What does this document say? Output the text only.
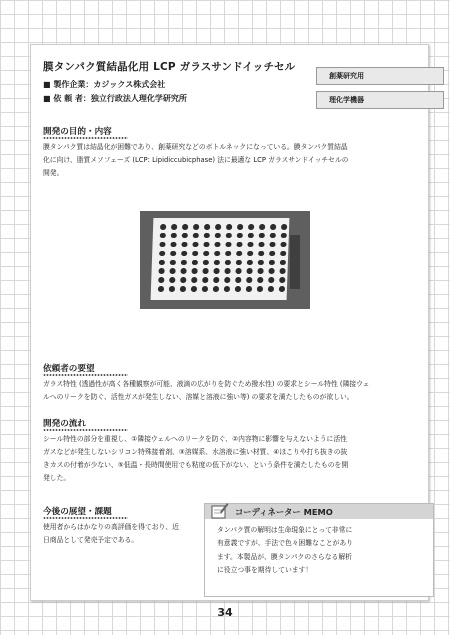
膜タンパク質結晶化用 LCP ガラスサンドイッチセル
■ 製作企業：カジックス株式会社
■ 依 頼 者：独立行政法人理化学研究所
創薬研究用
理化学機器
開発の目的・内容
膜タンパク質は結晶化が困難であり、創薬研究などのボトルネックになっている。膜タンパク質結晶
化に向け、脂質メソフェーズ (LCP: Lipidiccubicphase) 法に最適な LCP ガラスサンドイッチセルの
開発。
依頼者の要望
ガラス特性 (透過性が高く各種観察が可能、液滴の広がりを防ぐため撥水性) の要求とシール特性 (隣接ウェ
ルへのリークを防ぐ、活性ガスが発生しない、溶媒と溶液に強い等) の要求を満たしたものが欲しい。
開発の流れ
シール特性の部分を重視し、①隣接ウェルへのリークを防ぐ、②内容物に影響を与えないように活性
ガスなどが発生しないシリコン特殊接着剤、③溶媒系、水溶液に強い材質、④ほこりや打ち抜きの抜
きカスの付着が少ない、⑤低温・長時間使用でも粘度の低下がない、という条件を満たしたものを開
発した。
今後の展望・課題
使用者からはかなりの高評価を得ており、近
日商品として発売予定である。
コーディネーター MEMO
タンパク質の解明は生命現象にとって非常に
有意義ですが、手法で色々困難なことがあり
ます。本製品が、膜タンパクのさらなる解析
に役立つ事を期待しています！
34
